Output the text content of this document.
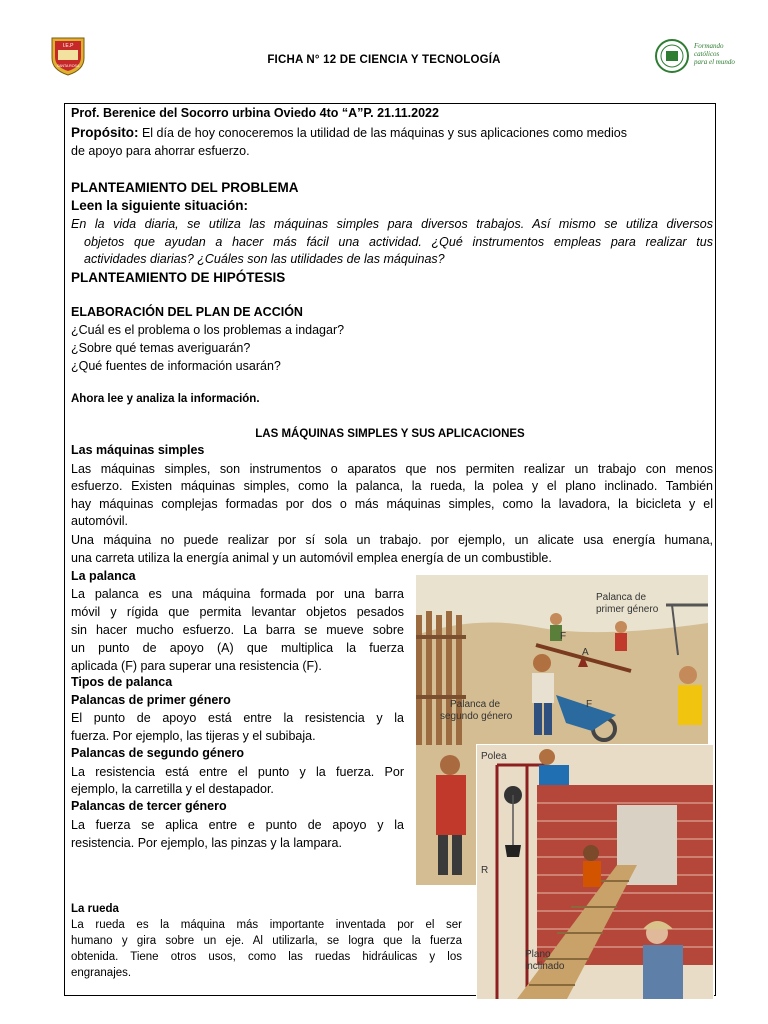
I.E.P
SANTA ROSA	FICHA N° 12 DE CIENCIA Y TECNOLOGÍA
Formando
católicos
para el mundo
Prof. Berenice del Socorro urbina Oviedo 4to “A”P. 21.11.2022
Propósito: El día de hoy conoceremos la utilidad de las máquinas y sus aplicaciones como medios
de apoyo para ahorrar esfuerzo.
PLANTEAMIENTO DEL PROBLEMA
Leen la siguiente situación:
En la vida diaria, se utiliza las máquinas simples para diversos trabajos. Así mismo se utiliza diversos
objetos que ayudan a hacer más fácil una actividad. ¿Qué instrumentos empleas para realizar tus
actividades diarias? ¿Cuáles son las utilidades de las máquinas?
PLANTEAMIENTO DE HIPÓTESIS
ELABORACIÓN DEL PLAN DE ACCIÓN
¿Cuál es el problema o los problemas a indagar?
¿Sobre qué temas averiguarán?
¿Qué fuentes de información usarán?
Ahora lee y analiza la información.
LAS MÁQUINAS SIMPLES Y SUS APLICACIONES
Las máquinas simples
Las máquinas simples, son instrumentos o aparatos que nos permiten realizar un trabajo con menos
esfuerzo. Existen máquinas simples, como la palanca, la rueda, la polea y el plano inclinado. También
hay máquinas complejas formadas por dos o más máquinas simples, como la lavadora, la bicicleta y el
automóvil.
Una máquina no puede realizar por sí sola un trabajo. por ejemplo, un alicate usa energía humana,
una carreta utiliza la energía animal y un automóvil emplea energía de un combustible.
La palanca
La palanca es una máquina formada por una barra
móvil y rígida que permita levantar objetos pesados
sin hacer mucho esfuerzo. La barra se mueve sobre
un punto de apoyo (A) que multiplica la fuerza
aplicada (F) para superar una resistencia (F).
Tipos de palanca
Palancas de primer género
El punto de apoyo está entre la resistencia y la
fuerza. Por ejemplo, las tijeras y el subibaja.
Palancas de segundo género
La resistencia está entre el punto y la fuerza. Por
ejemplo, la carretilla y el destapador.
Palancas de tercer género
La fuerza se aplica entre e punto de apoyo y la
resistencia. Por ejemplo, las pinzas y la lampara.
La rueda
La rueda es la máquina más importante inventada por el ser
humano y gira sobre un eje. Al utilizarla, se logra que la fuerza
obtenida. Tiene otros usos, como las ruedas hidráulicas y los
engranajes.
Palanca de
primer género
Palanca de
segundo género
F
A
F
Polea
R
Plano
inclinado
